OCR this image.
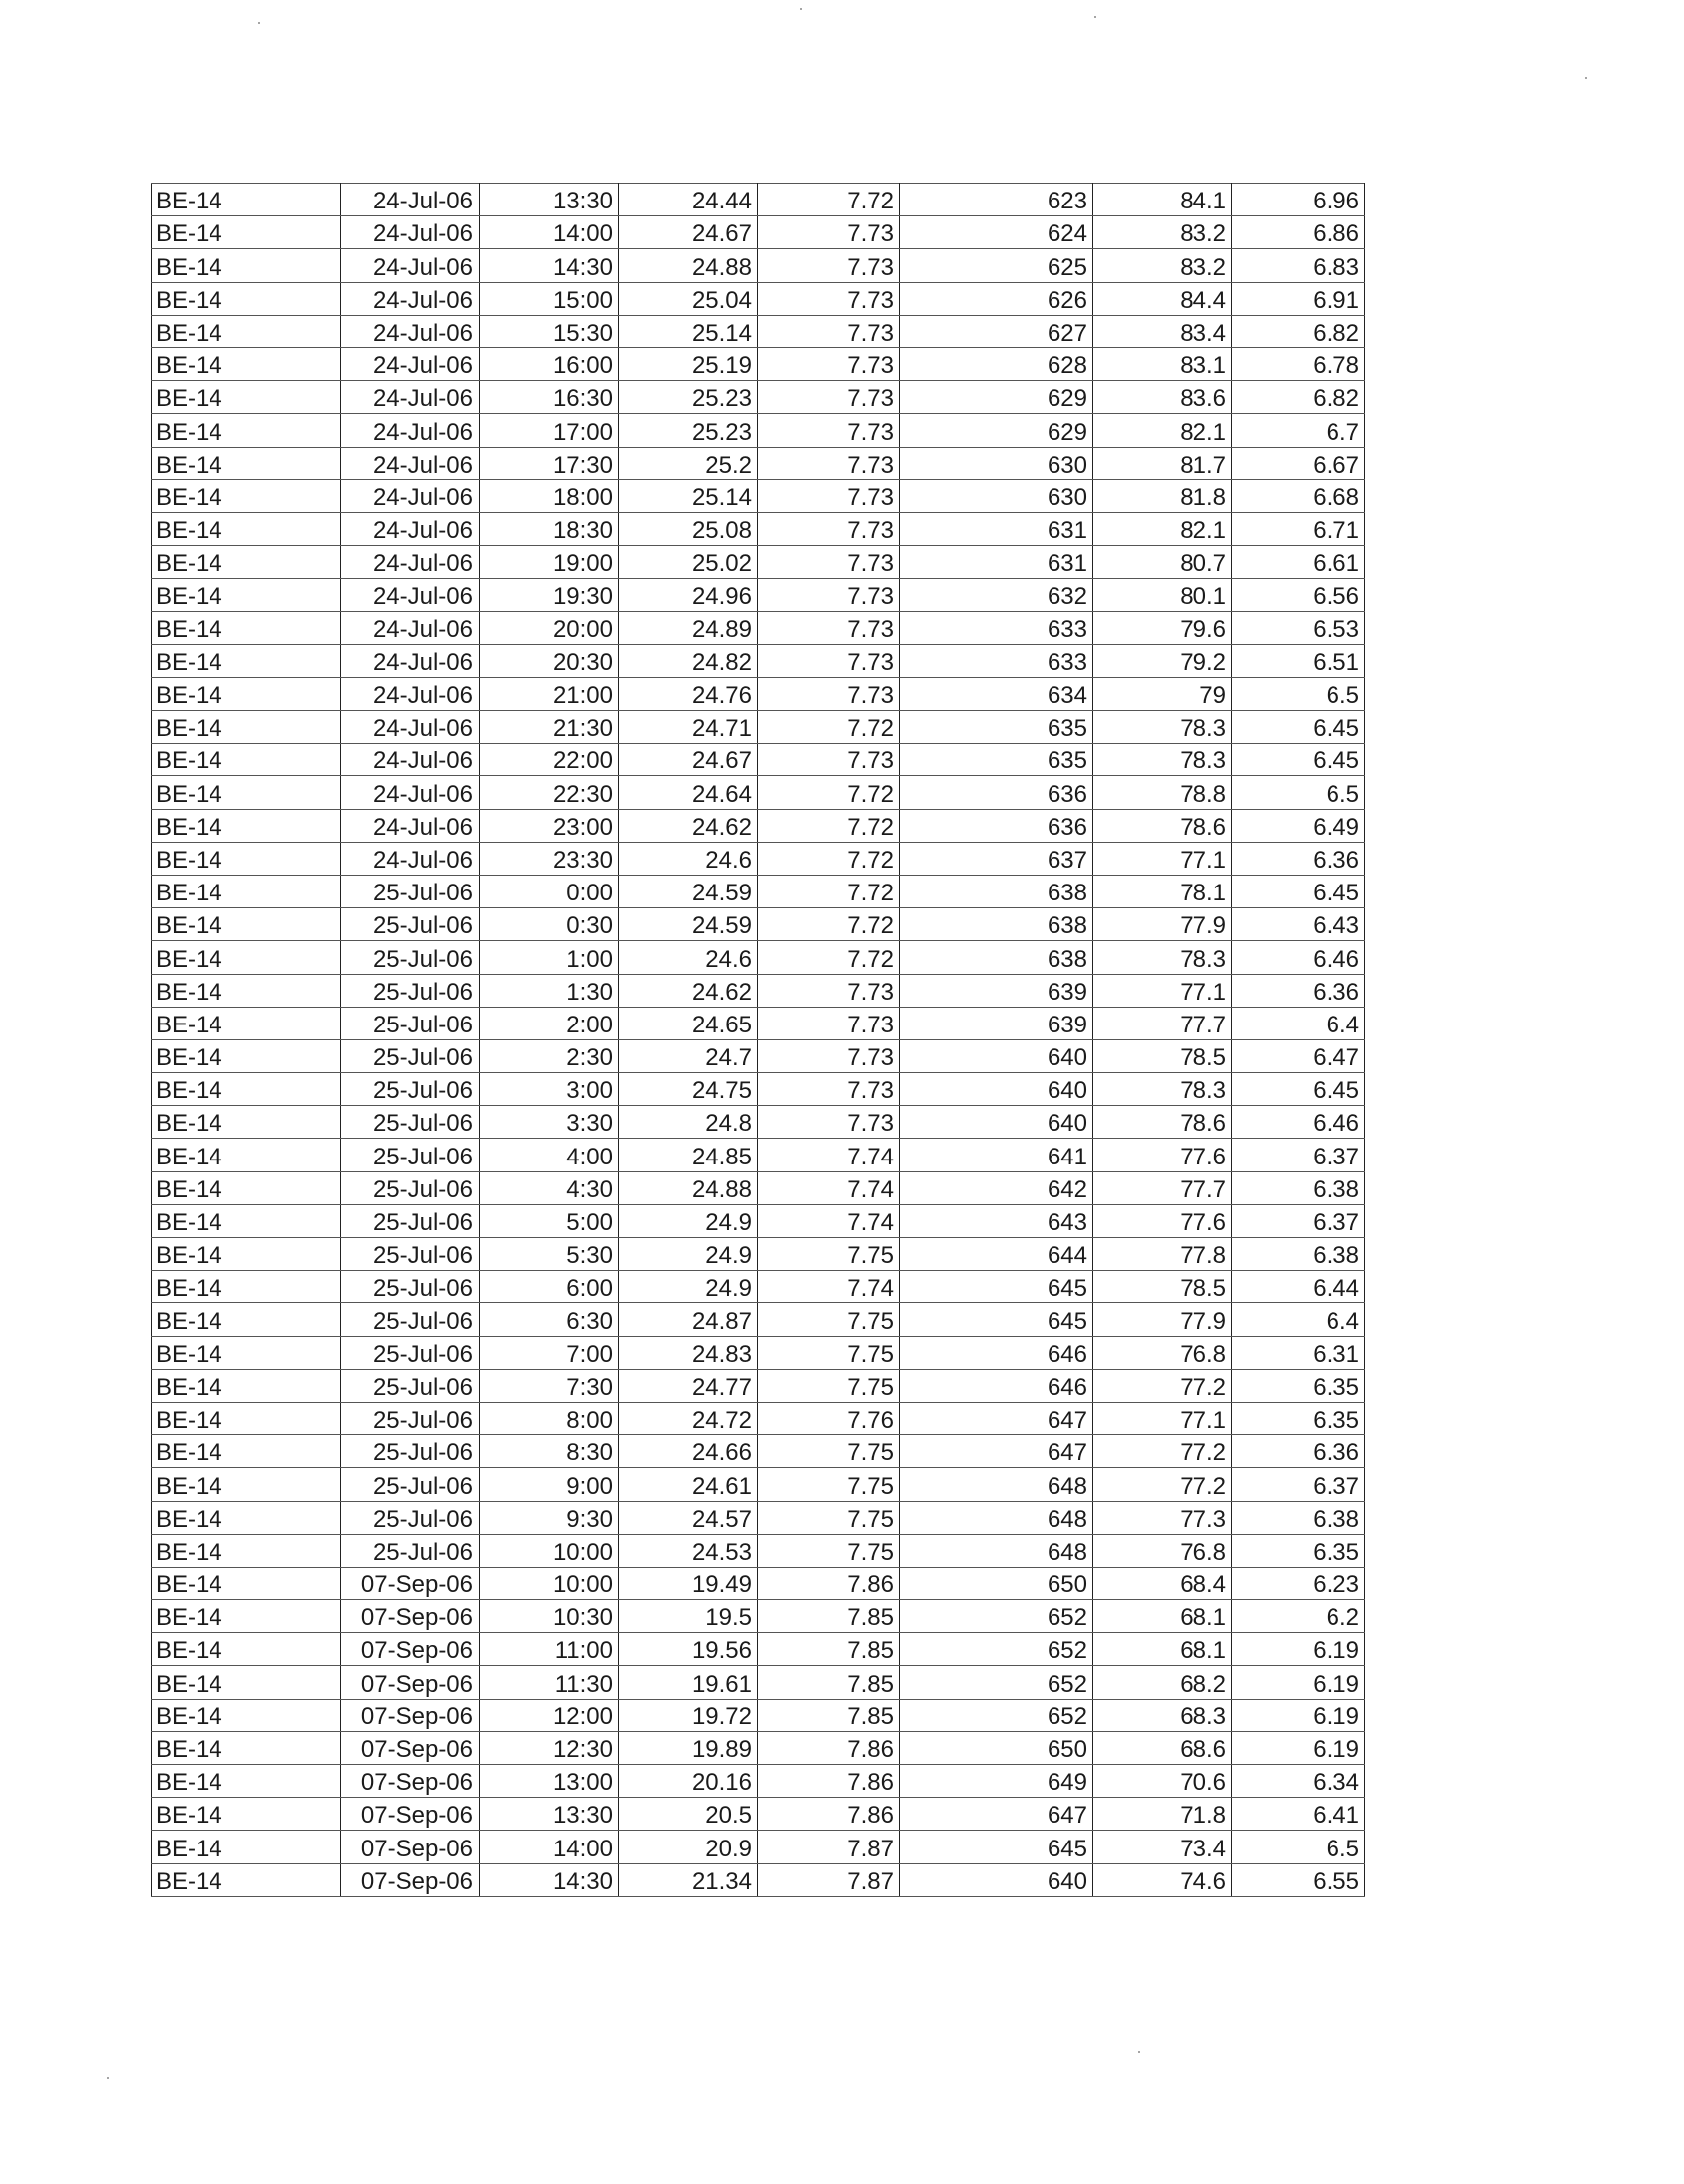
BE-14	24-Jul-06	13:30	24.44	7.72	623	84.1	6.96
BE-14	24-Jul-06	14:00	24.67	7.73	624	83.2	6.86
BE-14	24-Jul-06	14:30	24.88	7.73	625	83.2	6.83
BE-14	24-Jul-06	15:00	25.04	7.73	626	84.4	6.91
BE-14	24-Jul-06	15:30	25.14	7.73	627	83.4	6.82
BE-14	24-Jul-06	16:00	25.19	7.73	628	83.1	6.78
BE-14	24-Jul-06	16:30	25.23	7.73	629	83.6	6.82
BE-14	24-Jul-06	17:00	25.23	7.73	629	82.1	6.7
BE-14	24-Jul-06	17:30	25.2	7.73	630	81.7	6.67
BE-14	24-Jul-06	18:00	25.14	7.73	630	81.8	6.68
BE-14	24-Jul-06	18:30	25.08	7.73	631	82.1	6.71
BE-14	24-Jul-06	19:00	25.02	7.73	631	80.7	6.61
BE-14	24-Jul-06	19:30	24.96	7.73	632	80.1	6.56
BE-14	24-Jul-06	20:00	24.89	7.73	633	79.6	6.53
BE-14	24-Jul-06	20:30	24.82	7.73	633	79.2	6.51
BE-14	24-Jul-06	21:00	24.76	7.73	634	79	6.5
BE-14	24-Jul-06	21:30	24.71	7.72	635	78.3	6.45
BE-14	24-Jul-06	22:00	24.67	7.73	635	78.3	6.45
BE-14	24-Jul-06	22:30	24.64	7.72	636	78.8	6.5
BE-14	24-Jul-06	23:00	24.62	7.72	636	78.6	6.49
BE-14	24-Jul-06	23:30	24.6	7.72	637	77.1	6.36
BE-14	25-Jul-06	0:00	24.59	7.72	638	78.1	6.45
BE-14	25-Jul-06	0:30	24.59	7.72	638	77.9	6.43
BE-14	25-Jul-06	1:00	24.6	7.72	638	78.3	6.46
BE-14	25-Jul-06	1:30	24.62	7.73	639	77.1	6.36
BE-14	25-Jul-06	2:00	24.65	7.73	639	77.7	6.4
BE-14	25-Jul-06	2:30	24.7	7.73	640	78.5	6.47
BE-14	25-Jul-06	3:00	24.75	7.73	640	78.3	6.45
BE-14	25-Jul-06	3:30	24.8	7.73	640	78.6	6.46
BE-14	25-Jul-06	4:00	24.85	7.74	641	77.6	6.37
BE-14	25-Jul-06	4:30	24.88	7.74	642	77.7	6.38
BE-14	25-Jul-06	5:00	24.9	7.74	643	77.6	6.37
BE-14	25-Jul-06	5:30	24.9	7.75	644	77.8	6.38
BE-14	25-Jul-06	6:00	24.9	7.74	645	78.5	6.44
BE-14	25-Jul-06	6:30	24.87	7.75	645	77.9	6.4
BE-14	25-Jul-06	7:00	24.83	7.75	646	76.8	6.31
BE-14	25-Jul-06	7:30	24.77	7.75	646	77.2	6.35
BE-14	25-Jul-06	8:00	24.72	7.76	647	77.1	6.35
BE-14	25-Jul-06	8:30	24.66	7.75	647	77.2	6.36
BE-14	25-Jul-06	9:00	24.61	7.75	648	77.2	6.37
BE-14	25-Jul-06	9:30	24.57	7.75	648	77.3	6.38
BE-14	25-Jul-06	10:00	24.53	7.75	648	76.8	6.35
BE-14	07-Sep-06	10:00	19.49	7.86	650	68.4	6.23
BE-14	07-Sep-06	10:30	19.5	7.85	652	68.1	6.2
BE-14	07-Sep-06	11:00	19.56	7.85	652	68.1	6.19
BE-14	07-Sep-06	11:30	19.61	7.85	652	68.2	6.19
BE-14	07-Sep-06	12:00	19.72	7.85	652	68.3	6.19
BE-14	07-Sep-06	12:30	19.89	7.86	650	68.6	6.19
BE-14	07-Sep-06	13:00	20.16	7.86	649	70.6	6.34
BE-14	07-Sep-06	13:30	20.5	7.86	647	71.8	6.41
BE-14	07-Sep-06	14:00	20.9	7.87	645	73.4	6.5
BE-14	07-Sep-06	14:30	21.34	7.87	640	74.6	6.55
